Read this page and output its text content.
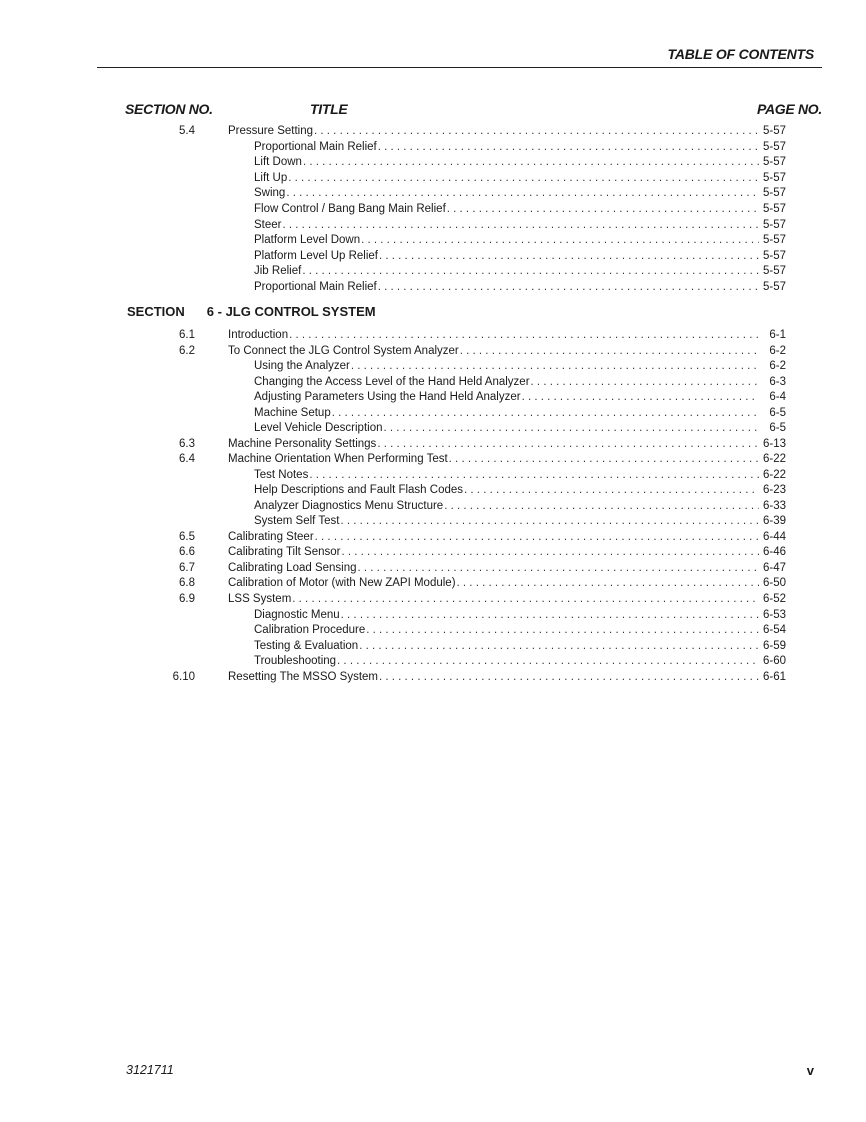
TABLE OF CONTENTS
SECTION NO.	TITLE	PAGE NO.
5.4	Pressure Setting . . .	5-57
Proportional Main Relief . . .	5-57
Lift Down . . .	5-57
Lift Up . . .	5-57
Swing . . .	5-57
Flow Control / Bang Bang Main Relief . . .	5-57
Steer . . .	5-57
Platform Level Down . . .	5-57
Platform Level Up Relief . . .	5-57
Jib Relief . . .	5-57
Proportional Main Relief . . .	5-57
SECTION 6 - JLG CONTROL SYSTEM
6.1	Introduction . . .	6-1
6.2	To Connect the JLG Control System Analyzer . . .	6-2
Using the Analyzer . . .	6-2
Changing the Access Level of the Hand Held Analyzer . . .	6-3
Adjusting Parameters Using the Hand Held Analyzer . . .	6-4
Machine Setup . . .	6-5
Level Vehicle Description . . .	6-5
6.3	Machine Personality Settings . . .	6-13
6.4	Machine Orientation When Performing Test . . .	6-22
Test Notes . . .	6-22
Help Descriptions and Fault Flash Codes . . .	6-23
Analyzer Diagnostics Menu Structure . . .	6-33
System Self Test . . .	6-39
6.5	Calibrating Steer . . .	6-44
6.6	Calibrating Tilt Sensor . . .	6-46
6.7	Calibrating Load Sensing . . .	6-47
6.8	Calibration of Motor (with New ZAPI Module) . . .	6-50
6.9	LSS System . . .	6-52
Diagnostic Menu . . .	6-53
Calibration Procedure . . .	6-54
Testing & Evaluation . . .	6-59
Troubleshooting . . .	6-60
6.10	Resetting The MSSO System . . .	6-61
3121711	v
